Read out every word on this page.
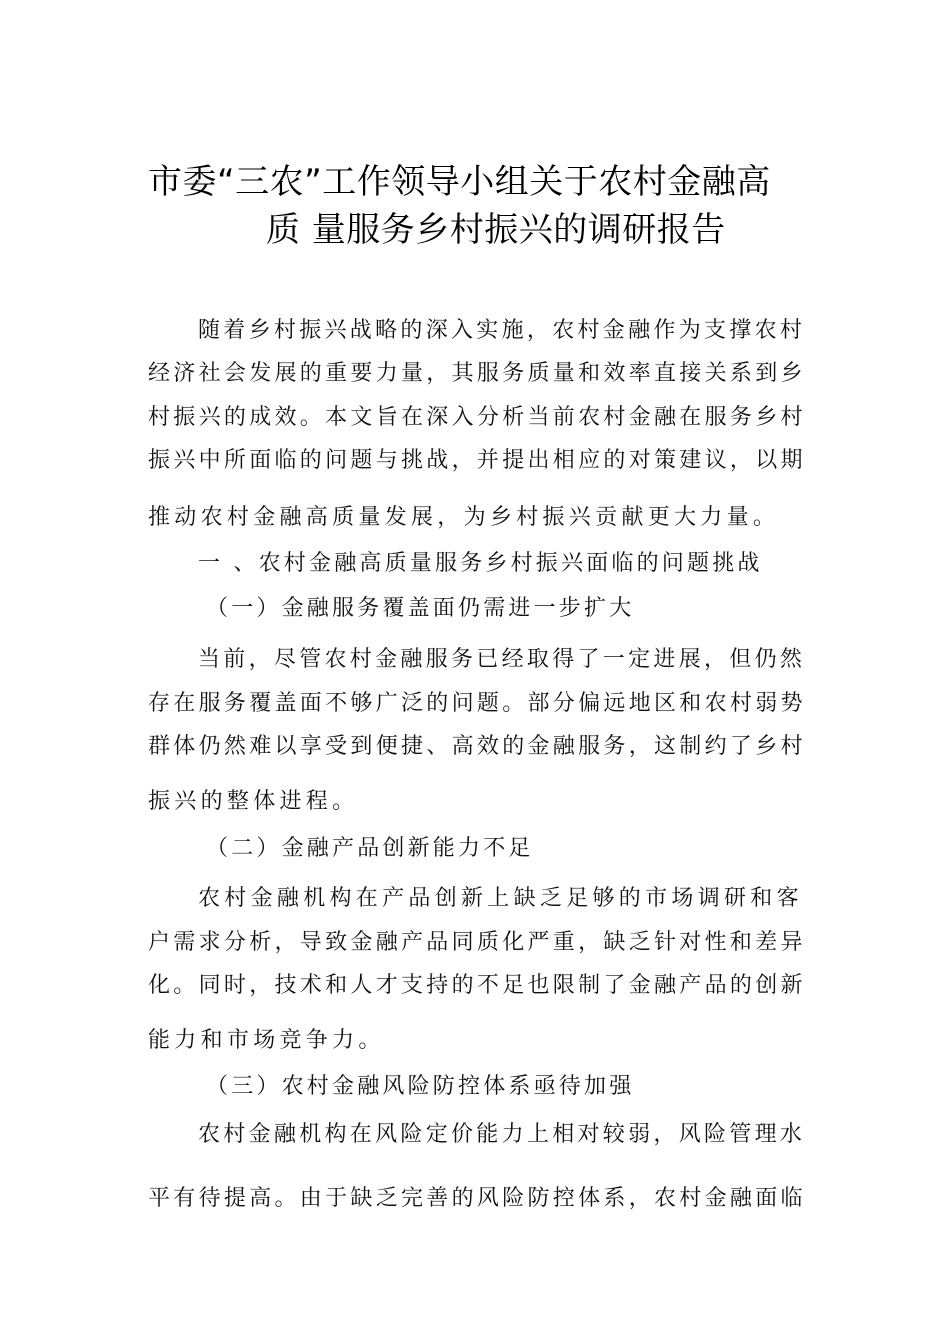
市委“三农”工作领导小组关于农村金融高
质 量服务乡村振兴的调研报告
随着乡村振兴战略的深入实施，农村金融作为支撑农村
经济社会发展的重要力量，其服务质量和效率直接关系到乡
村振兴的成效。本文旨在深入分析当前农村金融在服务乡村
振兴中所面临的问题与挑战，并提出相应的对策建议，以期
推动农村金融高质量发展，为乡村振兴贡献更大力量。
一 、农村金融高质量服务乡村振兴面临的问题挑战
（一）金融服务覆盖面仍需进一步扩大
当前，尽管农村金融服务已经取得了一定进展，但仍然
存在服务覆盖面不够广泛的问题。部分偏远地区和农村弱势
群体仍然难以享受到便捷、高效的金融服务，这制约了乡村
振兴的整体进程。
（二）金融产品创新能力不足
农村金融机构在产品创新上缺乏足够的市场调研和客
户需求分析，导致金融产品同质化严重，缺乏针对性和差异
化。同时，技术和人才支持的不足也限制了金融产品的创新
能力和市场竞争力。
（三）农村金融风险防控体系亟待加强
农村金融机构在风险定价能力上相对较弱，风险管理水
平有待提高。由于缺乏完善的风险防控体系，农村金融面临
